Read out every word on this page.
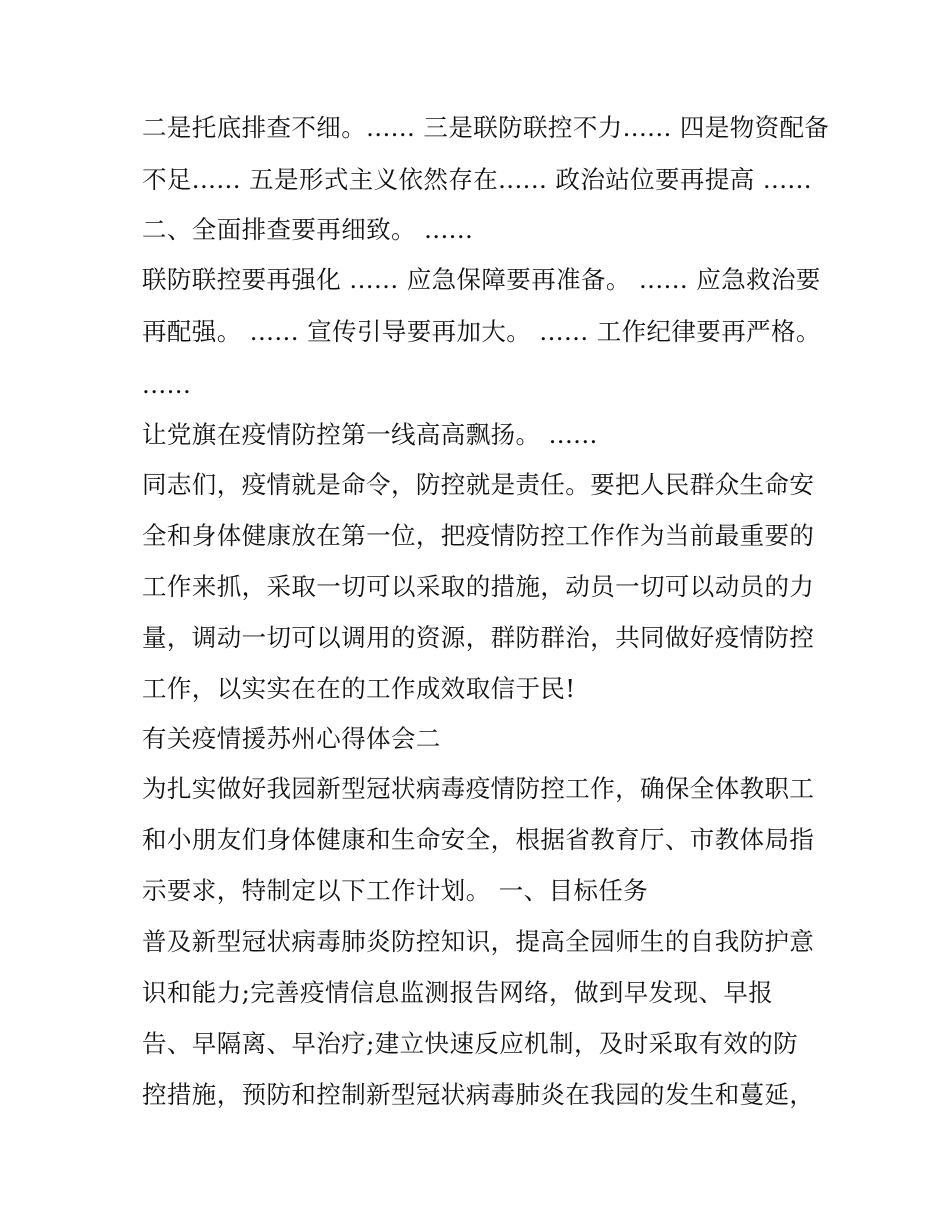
二是托底排查不细。...... 三是联防联控不力...... 四是物资配备
不足...... 五是形式主义依然存在...... 政治站位要再提高 ......
二、全面排查要再细致。 ......
联防联控要再强化 ...... 应急保障要再准备。 ...... 应急救治要
再配强。 ...... 宣传引导要再加大。 ...... 工作纪律要再严格。
......
让党旗在疫情防控第一线高高飘扬。 ......
同志们，疫情就是命令，防控就是责任。要把人民群众生命安
全和身体健康放在第一位，把疫情防控工作作为当前最重要的
工作来抓，采取一切可以采取的措施，动员一切可以动员的力
量，调动一切可以调用的资源，群防群治，共同做好疫情防控
工作，以实实在在的工作成效取信于民!
有关疫情援苏州心得体会二
为扎实做好我园新型冠状病毒疫情防控工作，确保全体教职工
和小朋友们身体健康和生命安全，根据省教育厅、市教体局指
示要求，特制定以下工作计划。 一、目标任务
普及新型冠状病毒肺炎防控知识，提高全园师生的自我防护意
识和能力;完善疫情信息监测报告网络，做到早发现、早报
告、早隔离、早治疗;建立快速反应机制，及时采取有效的防
控措施，预防和控制新型冠状病毒肺炎在我园的发生和蔓延，
